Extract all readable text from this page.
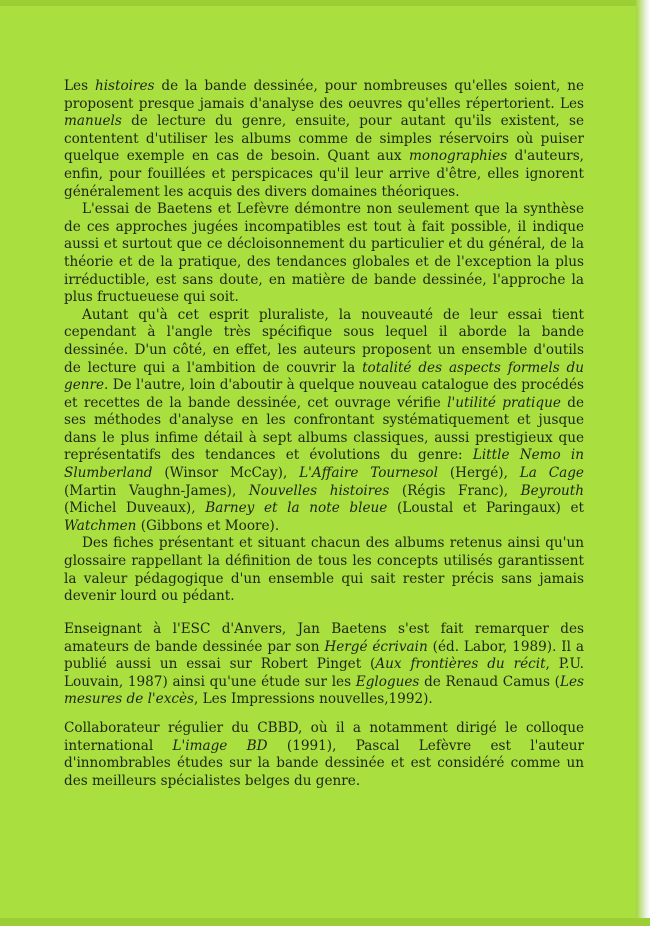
Les histoires de la bande dessinée, pour nombreuses qu'elles soient, ne proposent presque jamais d'analyse des oeuvres qu'elles répertorient. Les manuels de lecture du genre, ensuite, pour autant qu'ils existent, se contentent d'utiliser les albums comme de simples réservoirs où puiser quelque exemple en cas de besoin. Quant aux monographies d'auteurs, enfin, pour fouillées et perspicaces qu'il leur arrive d'être, elles ignorent généralement les acquis des divers domaines théoriques.

L'essai de Baetens et Lefèvre démontre non seulement que la synthèse de ces approches jugées incompatibles est tout à fait possible, il indique aussi et surtout que ce décloisonnement du particulier et du général, de la théorie et de la pratique, des tendances globales et de l'exception la plus irréductible, est sans doute, en matière de bande dessinée, l'approche la plus fructueuese qui soit.

Autant qu'à cet esprit pluraliste, la nouveauté de leur essai tient cependant à l'angle très spécifique sous lequel il aborde la bande dessinée. D'un côté, en effet, les auteurs proposent un ensemble d'outils de lecture qui a l'ambition de couvrir la totalité des aspects formels du genre. De l'autre, loin d'aboutir à quelque nouveau catalogue des procédés et recettes de la bande dessinée, cet ouvrage vérifie l'utilité pratique de ses méthodes d'analyse en les confrontant systématiquement et jusque dans le plus infime détail à sept albums classiques, aussi prestigieux que représentatifs des tendances et évolutions du genre: Little Nemo in Slumberland (Winsor McCay), L'Affaire Tournesol (Hergé), La Cage (Martin Vaughn-James), Nouvelles histoires (Régis Franc), Beyrouth (Michel Duveaux), Barney et la note bleue (Loustal et Paringaux) et Watchmen (Gibbons et Moore).

Des fiches présentant et situant chacun des albums retenus ainsi qu'un glossaire rappellant la définition de tous les concepts utilisés garantissent la valeur pédagogique d'un ensemble qui sait rester précis sans jamais devenir lourd ou pédant.

Enseignant à l'ESC d'Anvers, Jan Baetens s'est fait remarquer des amateurs de bande dessinée par son Hergé écrivain (éd. Labor, 1989). Il a publié aussi un essai sur Robert Pinget (Aux frontières du récit, P.U. Louvain, 1987) ainsi qu'une étude sur les Eglogues de Renaud Camus (Les mesures de l'excès, Les Impressions nouvelles,1992).

Collaborateur régulier du CBBD, où il a notamment dirigé le colloque international L'image BD (1991), Pascal Lefèvre est l'auteur d'innombrables études sur la bande dessinée et est considéré comme un des meilleurs spécialistes belges du genre.
